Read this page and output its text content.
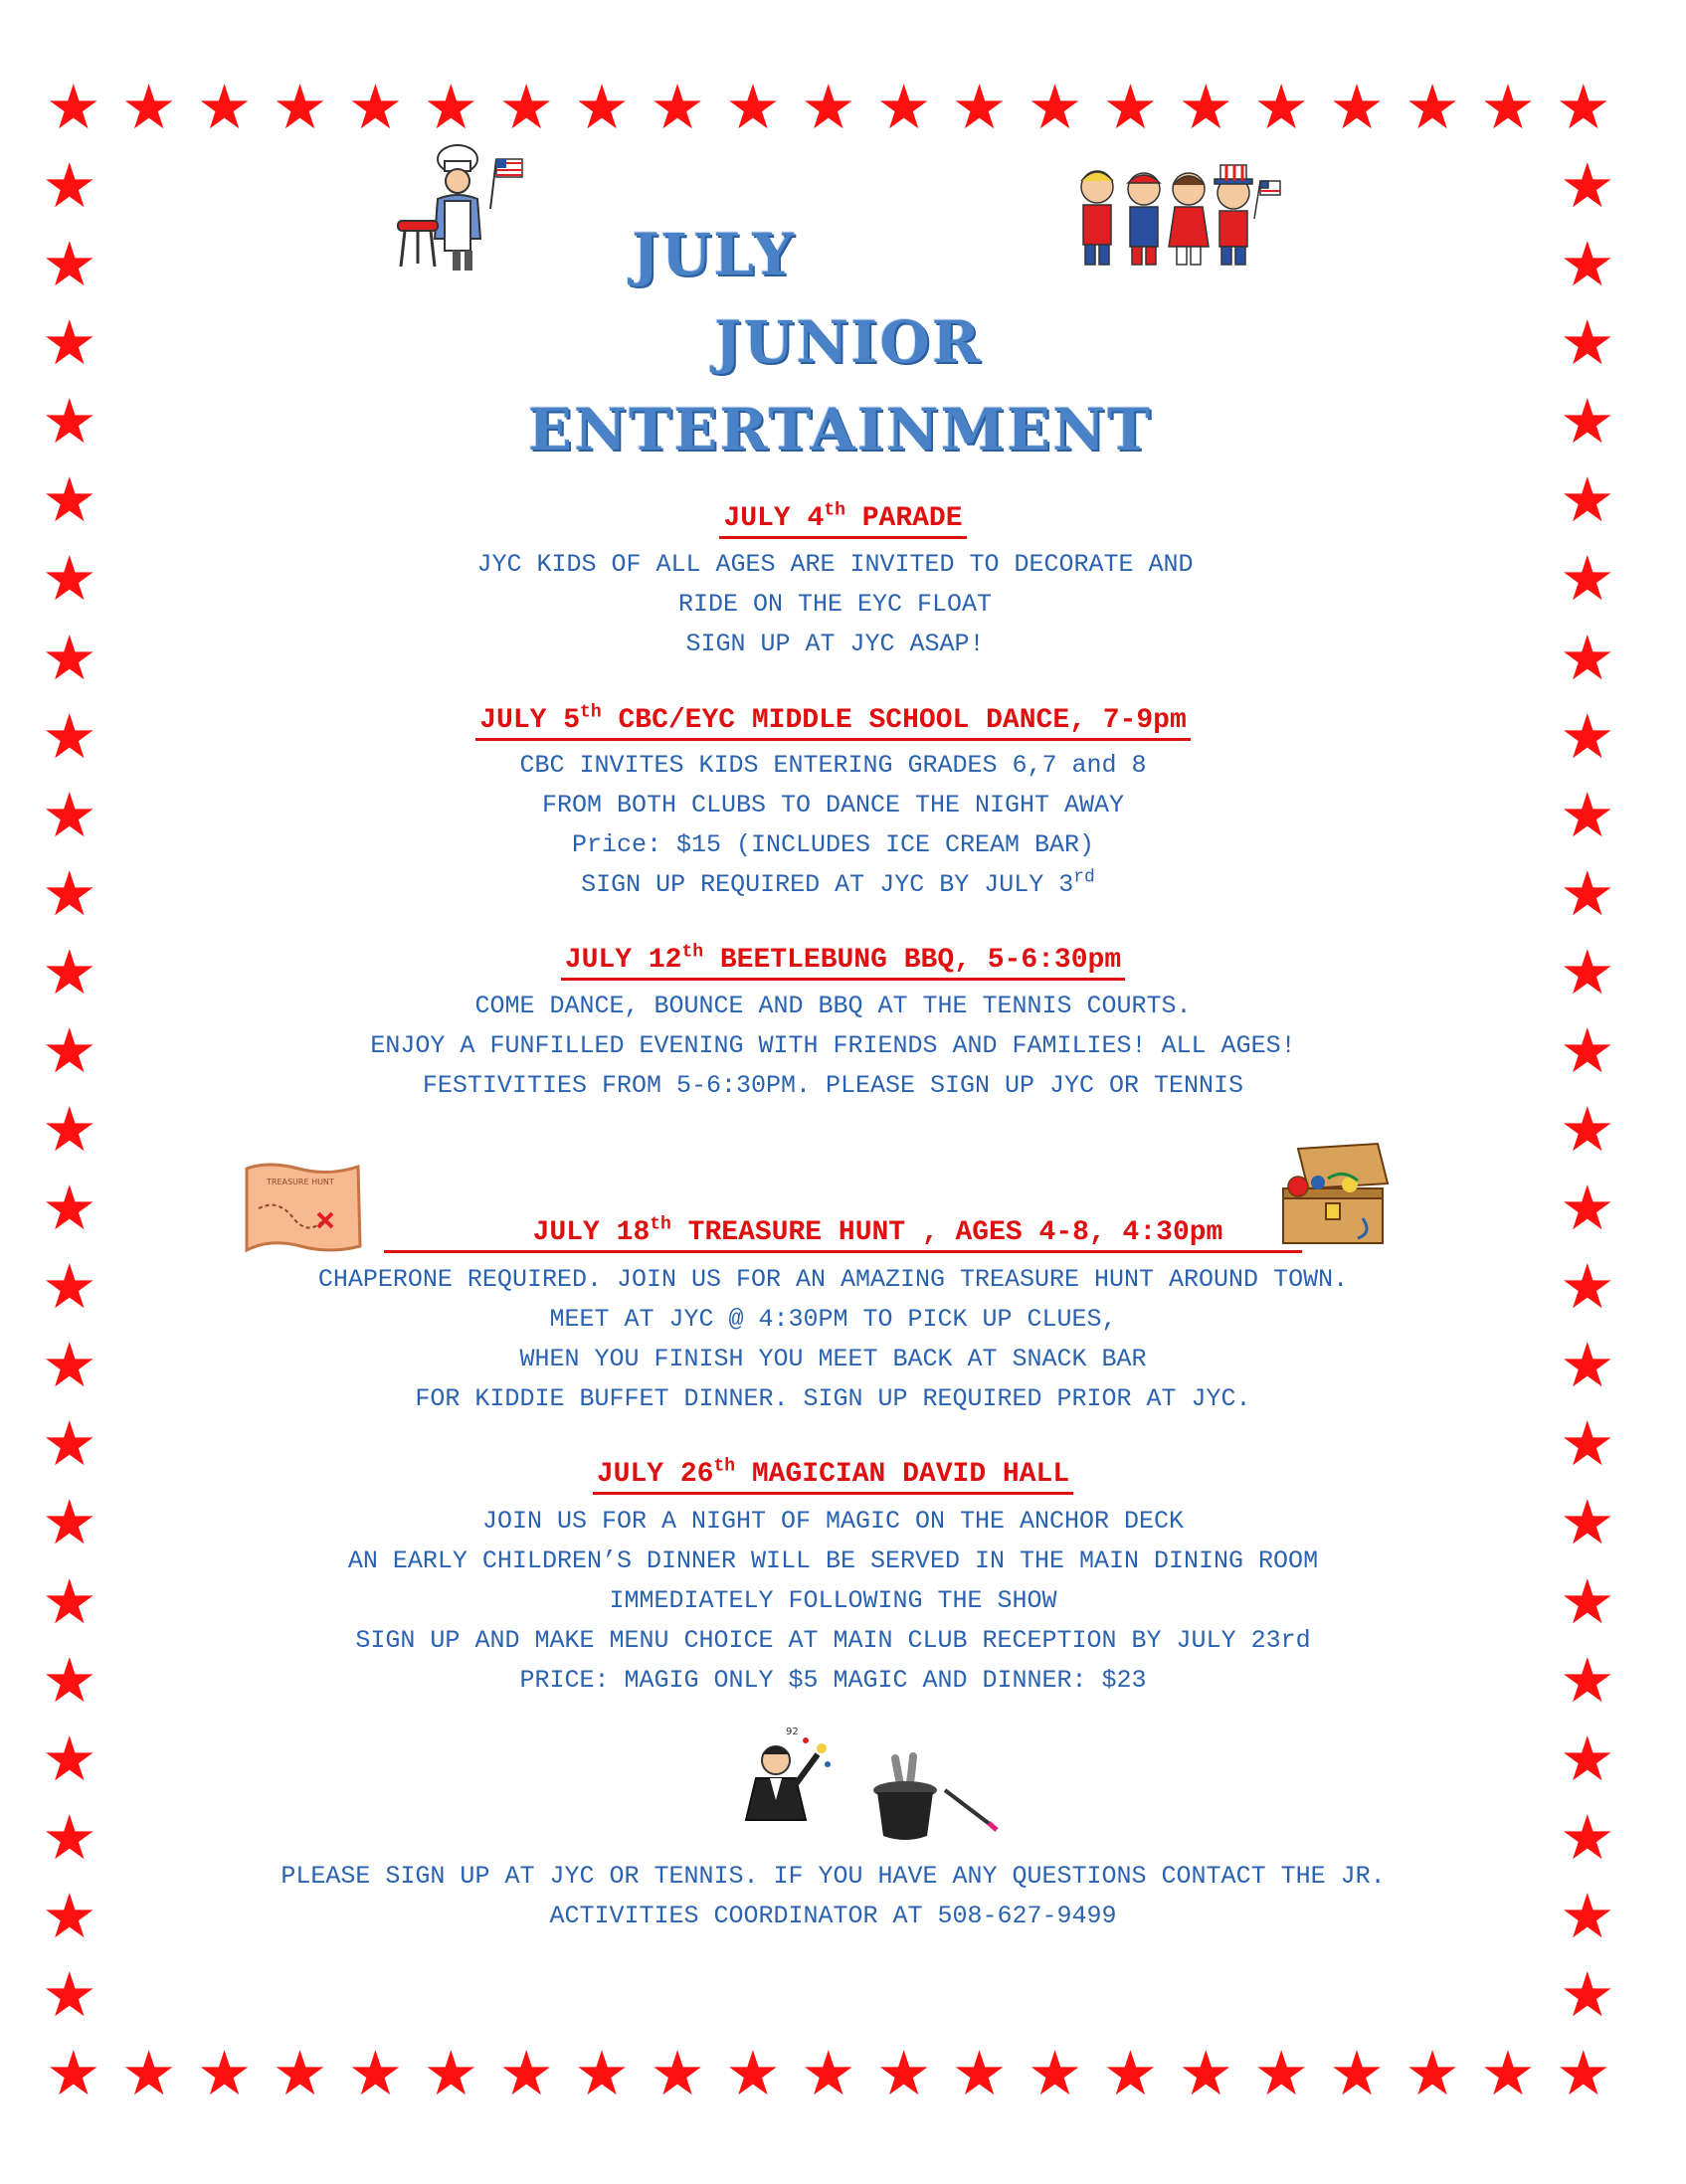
★
★
★
★
★
★
★
★
★
★
★
★
★
★
★
★
★
★
★
★
★
★
★
★
★
★
★
★
★
★
★
★
★
★
★
★
★
★
★
★
★
★
★	★
★	★
★	★
★	★
★	★
★	★
★	★
★	★
★	★
★	★
★	★
★	★
★	★
★	★
★	★
★	★
★	★
★	★
★	★
★	★
★	★
★	★
★	★
★	★
JULY
JUNIOR
ENTERTAINMENT
JULY 4th PARADE
JYC KIDS OF ALL AGES ARE INVITED TO DECORATE AND
RIDE ON THE EYC FLOAT
SIGN UP AT JYC ASAP!
JULY 5th CBC/EYC MIDDLE SCHOOL DANCE, 7-9pm
CBC INVITES KIDS ENTERING GRADES 6,7 and 8
FROM BOTH CLUBS TO DANCE THE NIGHT AWAY
Price: $15 (INCLUDES ICE CREAM BAR)
SIGN UP REQUIRED AT JYC BY JULY 3rd
JULY 12th BEETLEBUNG BBQ, 5-6:30pm
COME DANCE, BOUNCE AND BBQ AT THE TENNIS COURTS.
ENJOY A FUNFILLED EVENING WITH FRIENDS AND FAMILIES! ALL AGES!
FESTIVITIES FROM 5-6:30PM. PLEASE SIGN UP JYC OR TENNIS
TREASURE HUNT
JULY 18th TREASURE HUNT , AGES 4-8, 4:30pm
CHAPERONE REQUIRED. JOIN US FOR AN AMAZING TREASURE HUNT AROUND TOWN.
MEET AT JYC @ 4:30PM TO PICK UP CLUES,
WHEN YOU FINISH YOU MEET BACK AT SNACK BAR
FOR KIDDIE BUFFET DINNER. SIGN UP REQUIRED PRIOR AT JYC.
JULY 26th MAGICIAN DAVID HALL
JOIN US FOR A NIGHT OF MAGIC ON THE ANCHOR DECK
AN EARLY CHILDREN’S DINNER WILL BE SERVED IN THE MAIN DINING ROOM
IMMEDIATELY FOLLOWING THE SHOW
SIGN UP AND MAKE MENU CHOICE AT MAIN CLUB RECEPTION BY JULY 23rd
PRICE: MAGIG ONLY $5 MAGIC AND DINNER: $23
92
PLEASE SIGN UP AT JYC OR TENNIS. IF YOU HAVE ANY QUESTIONS CONTACT THE JR.
ACTIVITIES COORDINATOR AT 508-627-9499
